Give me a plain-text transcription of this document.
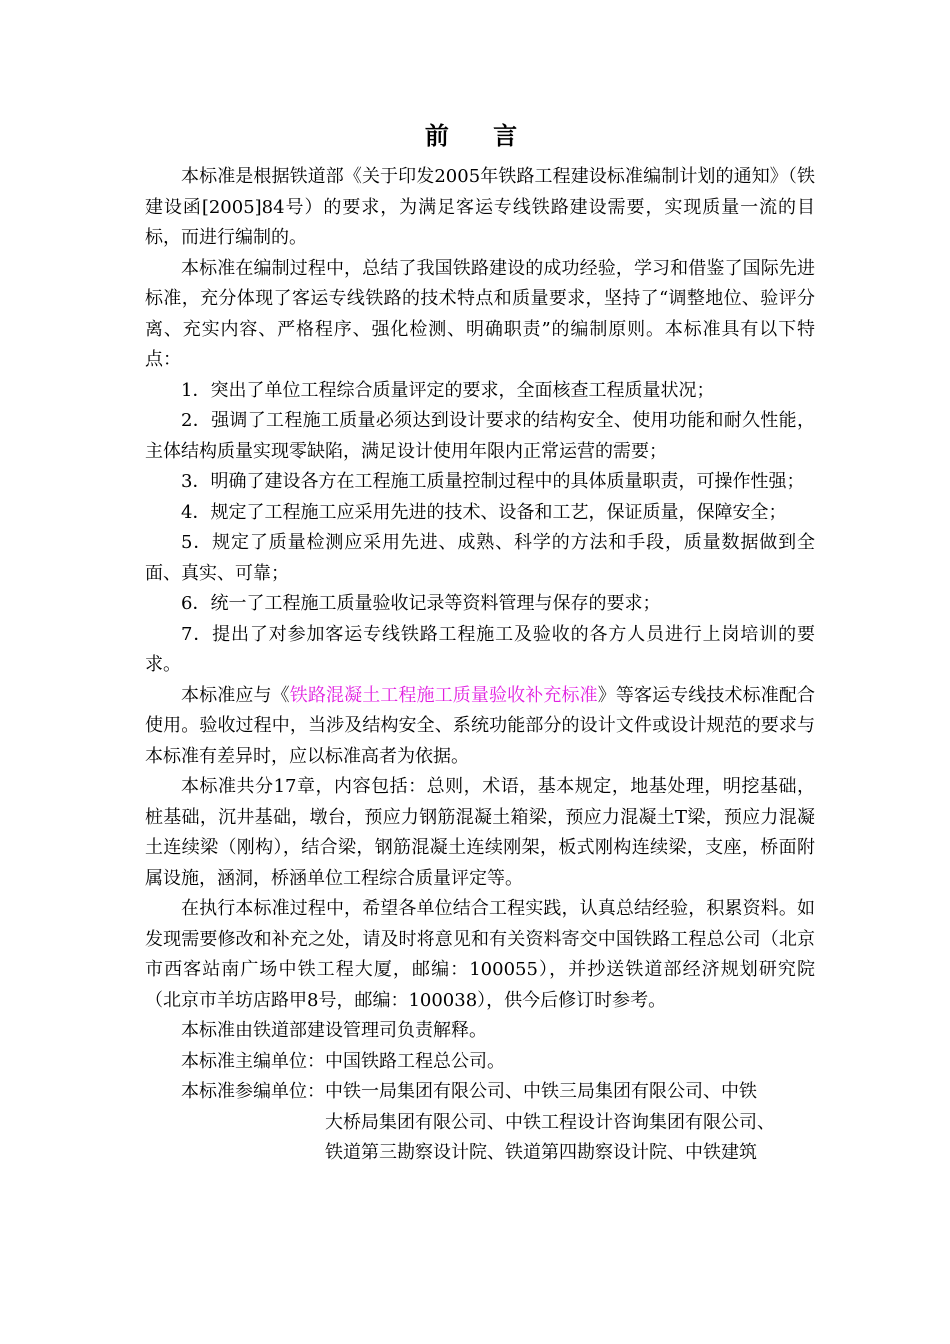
前 言

本标准是根据铁道部《关于印发2005年铁路工程建设标准编制计划的通知》（铁建设函[2005]84号）的要求，为满足客运专线铁路建设需要，实现质量一流的目标，而进行编制的。

本标准在编制过程中，总结了我国铁路建设的成功经验，学习和借鉴了国际先进标准，充分体现了客运专线铁路的技术特点和质量要求，坚持了“调整地位、验评分离、充实内容、严格程序、强化检测、明确职责”的编制原则。本标准具有以下特点：

1．突出了单位工程综合质量评定的要求，全面核查工程质量状况；

2．强调了工程施工质量必须达到设计要求的结构安全、使用功能和耐久性能，主体结构质量实现零缺陷，满足设计使用年限内正常运营的需要；

3．明确了建设各方在工程施工质量控制过程中的具体质量职责，可操作性强；

4．规定了工程施工应采用先进的技术、设备和工艺，保证质量，保障安全；

5．规定了质量检测应采用先进、成熟、科学的方法和手段，质量数据做到全面、真实、可靠；

6．统一了工程施工质量验收记录等资料管理与保存的要求；

7．提出了对参加客运专线铁路工程施工及验收的各方人员进行上岗培训的要求。

本标准应与《铁路混凝土工程施工质量验收补充标准》等客运专线技术标准配合使用。验收过程中，当涉及结构安全、系统功能部分的设计文件或设计规范的要求与本标准有差异时，应以标准高者为依据。

本标准共分17章，内容包括：总则，术语，基本规定，地基处理，明挖基础，桩基础，沉井基础，墩台，预应力钢筋混凝土箱梁，预应力混凝土T梁，预应力混凝土连续梁（刚构），结合梁，钢筋混凝土连续刚架，板式刚构连续梁，支座，桥面附属设施，涵洞，桥涵单位工程综合质量评定等。

在执行本标准过程中，希望各单位结合工程实践，认真总结经验，积累资料。如发现需要修改和补充之处，请及时将意见和有关资料寄交中国铁路工程总公司（北京市西客站南广场中铁工程大厦，邮编：100055），并抄送铁道部经济规划研究院（北京市羊坊店路甲8号，邮编：100038），供今后修订时参考。

本标准由铁道部建设管理司负责解释。

本标准主编单位：中国铁路工程总公司。

本标准参编单位： 中铁一局集团有限公司、中铁三局集团有限公司、中铁
大桥局集团有限公司、中铁工程设计咨询集团有限公司、
铁道第三勘察设计院、铁道第四勘察设计院、中铁建筑
